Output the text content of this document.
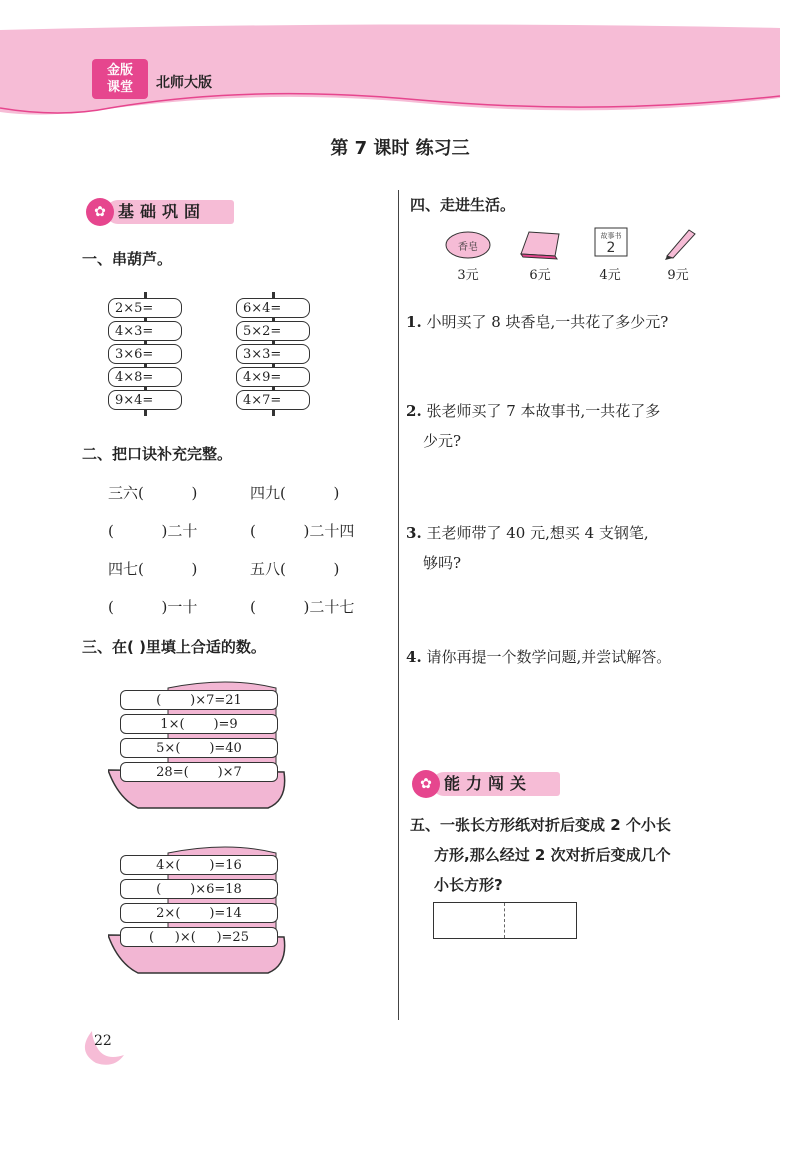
金版
课堂	北师大版
第 7 课时 练习三
基础巩固
✿
一、串葫芦。
2×5=
4×3=
3×6=
4×8=
9×4=
6×4=
5×2=
3×3=
4×9=
4×7=
二、把口诀补充完整。
三六(          )	四九(          )
(          )二十	(          )二十四
四七(          )	五八(          )
(          )一十	(          )二十七
三、在( )里填上合适的数。
(       )×7=21
1×(       )=9
5×(       )=40
28=(       )×7
4×(       )=16
(       )×6=18
2×(       )=14
(     )×(     )=25
四、走进生活。
香皂
3元	6元
故事书
2
4元	9元
1. 小明买了 8 块香皂,一共花了多少元?
2. 张老师买了 7 本故事书,一共花了多
少元?
3. 王老师带了 40 元,想买 4 支钢笔,
够吗?
4. 请你再提一个数学问题,并尝试解答。
能力闯关
✿
五、一张长方形纸对折后变成 2 个小长
方形,那么经过 2 次对折后变成几个
小长方形?
22
